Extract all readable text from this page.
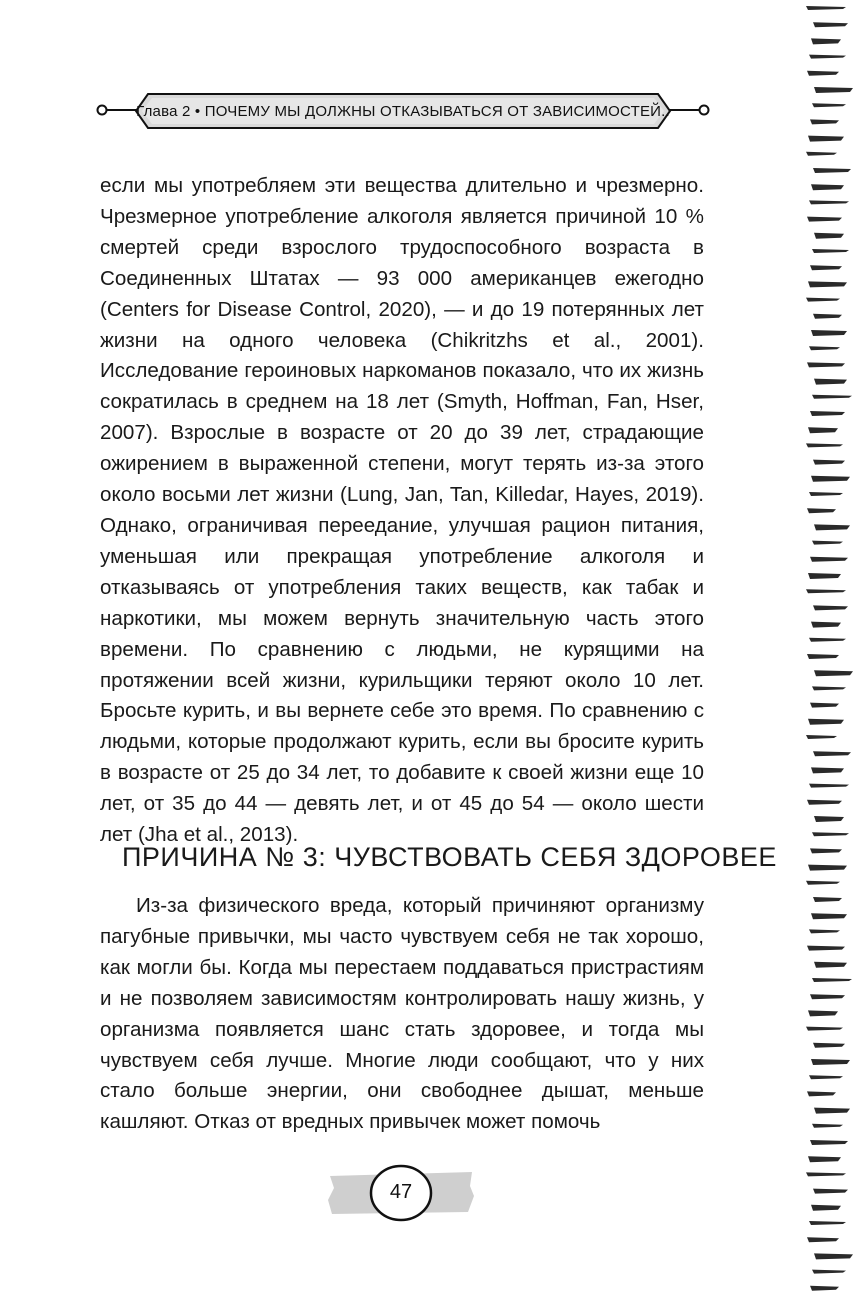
Глава 2 • ПОЧЕМУ МЫ ДОЛЖНЫ ОТКАЗЫВАТЬСЯ ОТ ЗАВИСИМОСТЕЙ..

если мы употребляем эти вещества длительно и чрезмерно. Чрезмерное употребление алкоголя является причиной 10 % смертей среди взрослого трудоспособного возраста в Соединенных Штатах — 93 000 американцев ежегодно (Centers for Disease Control, 2020), — и до 19 потерянных лет жизни на одного человека (Chikritzhs et al., 2001). Исследование героиновых наркоманов показало, что их жизнь сократилась в среднем на 18 лет (Smyth, Hoffman, Fan, Hser, 2007). Взрослые в возрасте от 20 до 39 лет, страдающие ожирением в выраженной степени, могут терять из-за этого около восьми лет жизни (Lung, Jan, Tan, Killedar, Hayes, 2019). Однако, ограничивая переедание, улучшая рацион питания, уменьшая или прекращая употребление алкоголя и отказываясь от употребления таких веществ, как табак и наркотики, мы можем вернуть значительную часть этого времени. По сравнению с людьми, не курящими на протяжении всей жизни, курильщики теряют около 10 лет. Бросьте курить, и вы вернете себе это время. По сравнению с людьми, которые продолжают курить, если вы бросите курить в возрасте от 25 до 34 лет, то добавите к своей жизни еще 10 лет, от 35 до 44 — девять лет, и от 45 до 54 — около шести лет (Jha et al., 2013).

ПРИЧИНА № 3: ЧУВСТВОВАТЬ СЕБЯ ЗДОРОВЕЕ

Из-за физического вреда, который причиняют организму пагубные привычки, мы часто чувствуем себя не так хорошо, как могли бы. Когда мы перестаем поддаваться пристрастиям и не позволяем зависимостям контролировать нашу жизнь, у организма появляется шанс стать здоровее, и тогда мы чувствуем себя лучше. Многие люди сообщают, что у них стало больше энергии, они свободнее дышат, меньше кашляют. Отказ от вредных привычек может помочь

47
